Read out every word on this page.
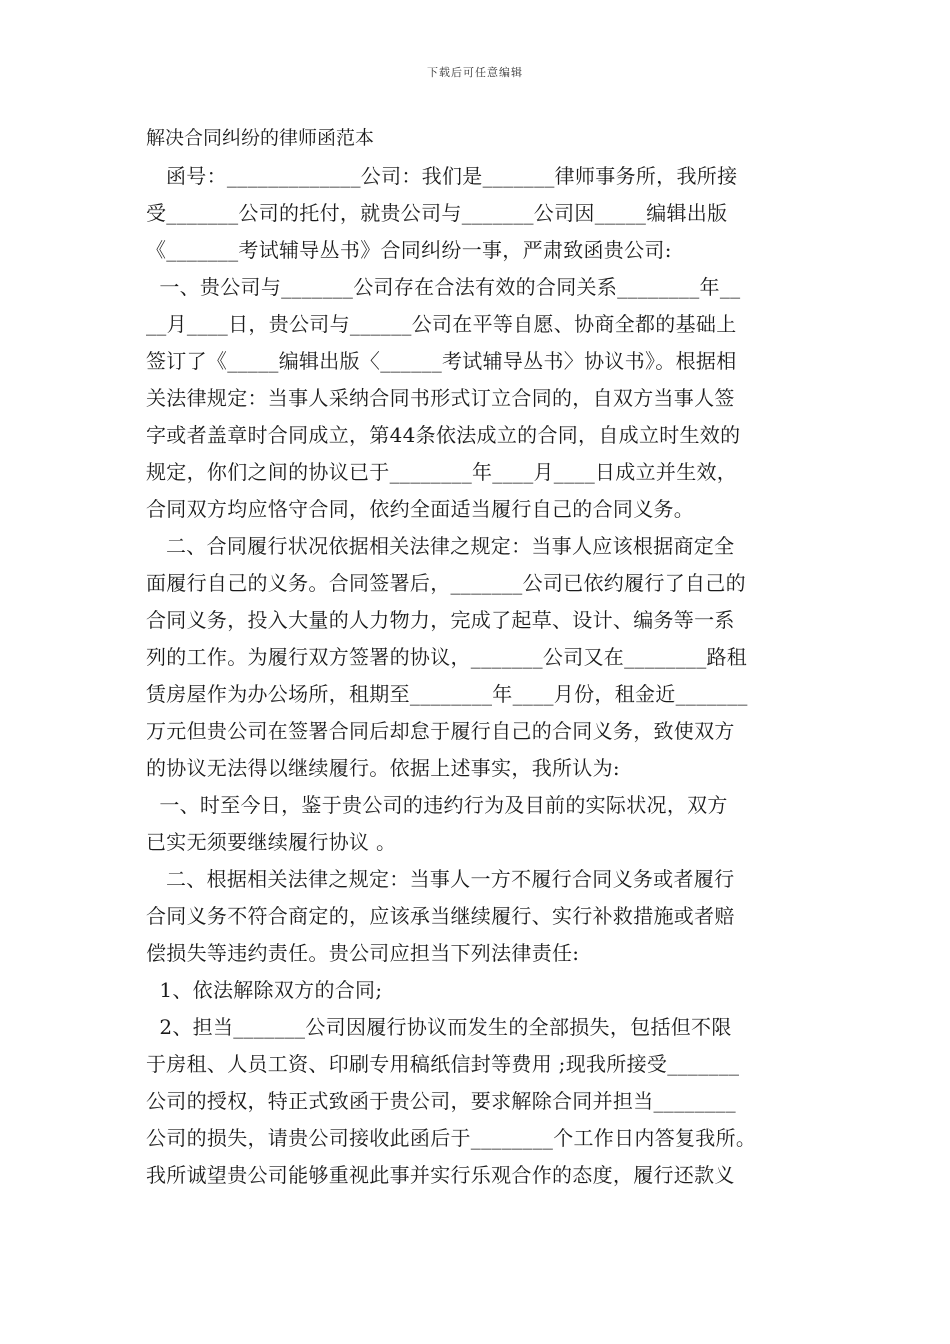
下载后可任意编辑
解决合同纠纷的律师函范本
函号：_____________公司：我们是_______律师事务所，我所接
受_______公司的托付，就贵公司与_______公司因_____编辑出版
《_______考试辅导丛书》合同纠纷一事，严肃致函贵公司:
一、贵公司与_______公司存在合法有效的合同关系________年__
__月____日，贵公司与______公司在平等自愿、协商全都的基础上
签订了《_____编辑出版〈______考试辅导丛书〉协议书》。根据相
关法律规定：当事人采纳合同书形式订立合同的，自双方当事人签
字或者盖章时合同成立，第44条依法成立的合同，自成立时生效的
规定，你们之间的协议已于________年____月____日成立并生效，
合同双方均应恪守合同，依约全面适当履行自己的合同义务。
二、合同履行状况依据相关法律之规定：当事人应该根据商定全
面履行自己的义务。合同签署后，_______公司已依约履行了自己的
合同义务，投入大量的人力物力，完成了起草、设计、编务等一系
列的工作。为履行双方签署的协议，_______公司又在________路租
赁房屋作为办公场所，租期至________年____月份，租金近_______
万元但贵公司在签署合同后却怠于履行自己的合同义务，致使双方
的协议无法得以继续履行。依据上述事实，我所认为:
一、时至今日，鉴于贵公司的违约行为及目前的实际状况，双方
已实无须要继续履行协议 。
二、根据相关法律之规定：当事人一方不履行合同义务或者履行
合同义务不符合商定的，应该承当继续履行、实行补救措施或者赔
偿损失等违约责任。贵公司应担当下列法律责任:
1、依法解除双方的合同;
2、担当_______公司因履行协议而发生的全部损失，包括但不限
于房租、人员工资、印刷专用稿纸信封等费用 ;现我所接受_______
公司的授权，特正式致函于贵公司，要求解除合同并担当________
公司的损失，请贵公司接收此函后于________个工作日内答复我所。
我所诚望贵公司能够重视此事并实行乐观合作的态度，履行还款义
